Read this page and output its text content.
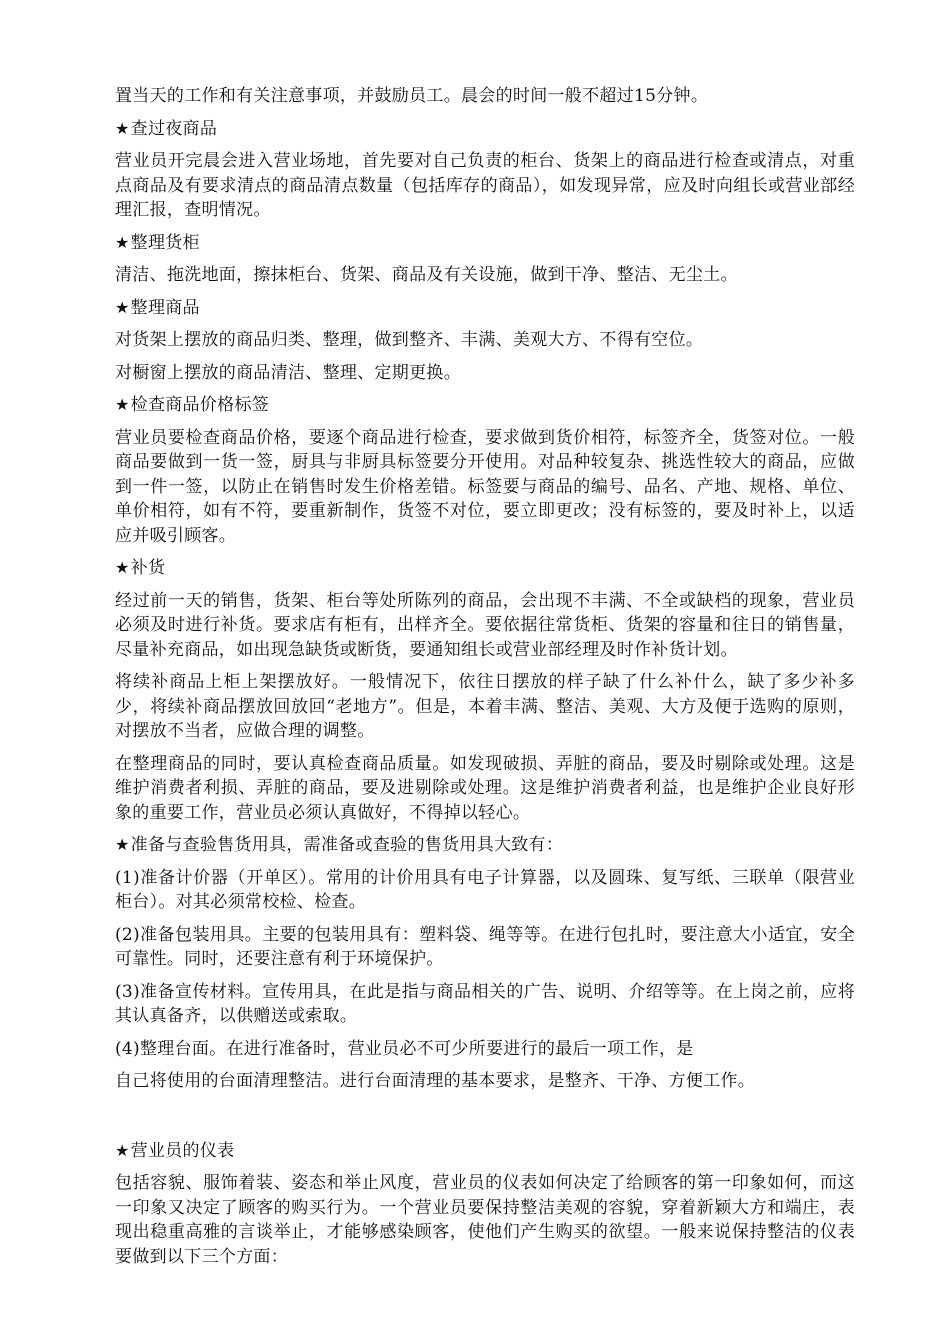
置当天的工作和有关注意事项，并鼓励员工。晨会的时间一般不超过15分钟。

★查过夜商品

营业员开完晨会进入营业场地，首先要对自己负责的柜台、货架上的商品进行检查或清点，对重点商品及有要求清点的商品清点数量（包括库存的商品），如发现异常，应及时向组长或营业部经理汇报，查明情况。

★整理货柜

清洁、拖洗地面，擦抹柜台、货架、商品及有关设施，做到干净、整洁、无尘土。

★整理商品

对货架上摆放的商品归类、整理，做到整齐、丰满、美观大方、不得有空位。

对橱窗上摆放的商品清洁、整理、定期更换。

★检查商品价格标签

营业员要检查商品价格，要逐个商品进行检查，要求做到货价相符，标签齐全，货签对位。一般商品要做到一货一签，厨具与非厨具标签要分开使用。对品种较复杂、挑选性较大的商品，应做到一件一签，以防止在销售时发生价格差错。标签要与商品的编号、品名、产地、规格、单位、单价相符，如有不符，要重新制作，货签不对位，要立即更改；没有标签的，要及时补上，以适应并吸引顾客。

★补货

经过前一天的销售，货架、柜台等处所陈列的商品，会出现不丰满、不全或缺档的现象，营业员必须及时进行补货。要求店有柜有，出样齐全。要依据往常货柜、货架的容量和往日的销售量，尽量补充商品，如出现急缺货或断货，要通知组长或营业部经理及时作补货计划。

将续补商品上柜上架摆放好。一般情况下，依往日摆放的样子缺了什么补什么，缺了多少补多少，将续补商品摆放回放回“老地方”。但是，本着丰满、整洁、美观、大方及便于选购的原则，对摆放不当者，应做合理的调整。

在整理商品的同时，要认真检查商品质量。如发现破损、弄脏的商品，要及时剔除或处理。这是维护消费者利损、弄脏的商品，要及进剔除或处理。这是维护消费者利益，也是维护企业良好形象的重要工作，营业员必须认真做好，不得掉以轻心。

★准备与查验售货用具，需准备或查验的售货用具大致有：

(1)准备计价器（开单区）。常用的计价用具有电子计算器，以及圆珠、复写纸、三联单（限营业柜台）。对其必须常校检、检查。

(2)准备包装用具。主要的包装用具有：塑料袋、绳等等。在进行包扎时，要注意大小适宜，安全可靠性。同时，还要注意有利于环境保护。

(3)准备宣传材料。宣传用具，在此是指与商品相关的广告、说明、介绍等等。在上岗之前，应将其认真备齐，以供赠送或索取。

(4)整理台面。在进行准备时，营业员必不可少所要进行的最后一项工作，是

自己将使用的台面清理整洁。进行台面清理的基本要求，是整齐、干净、方便工作。

★营业员的仪表

包括容貌、服饰着装、姿态和举止风度，营业员的仪表如何决定了给顾客的第一印象如何，而这一印象又决定了顾客的购买行为。一个营业员要保持整洁美观的容貌，穿着新颖大方和端庄，表现出稳重高雅的言谈举止，才能够感染顾客，使他们产生购买的欲望。一般来说保持整洁的仪表要做到以下三个方面：
